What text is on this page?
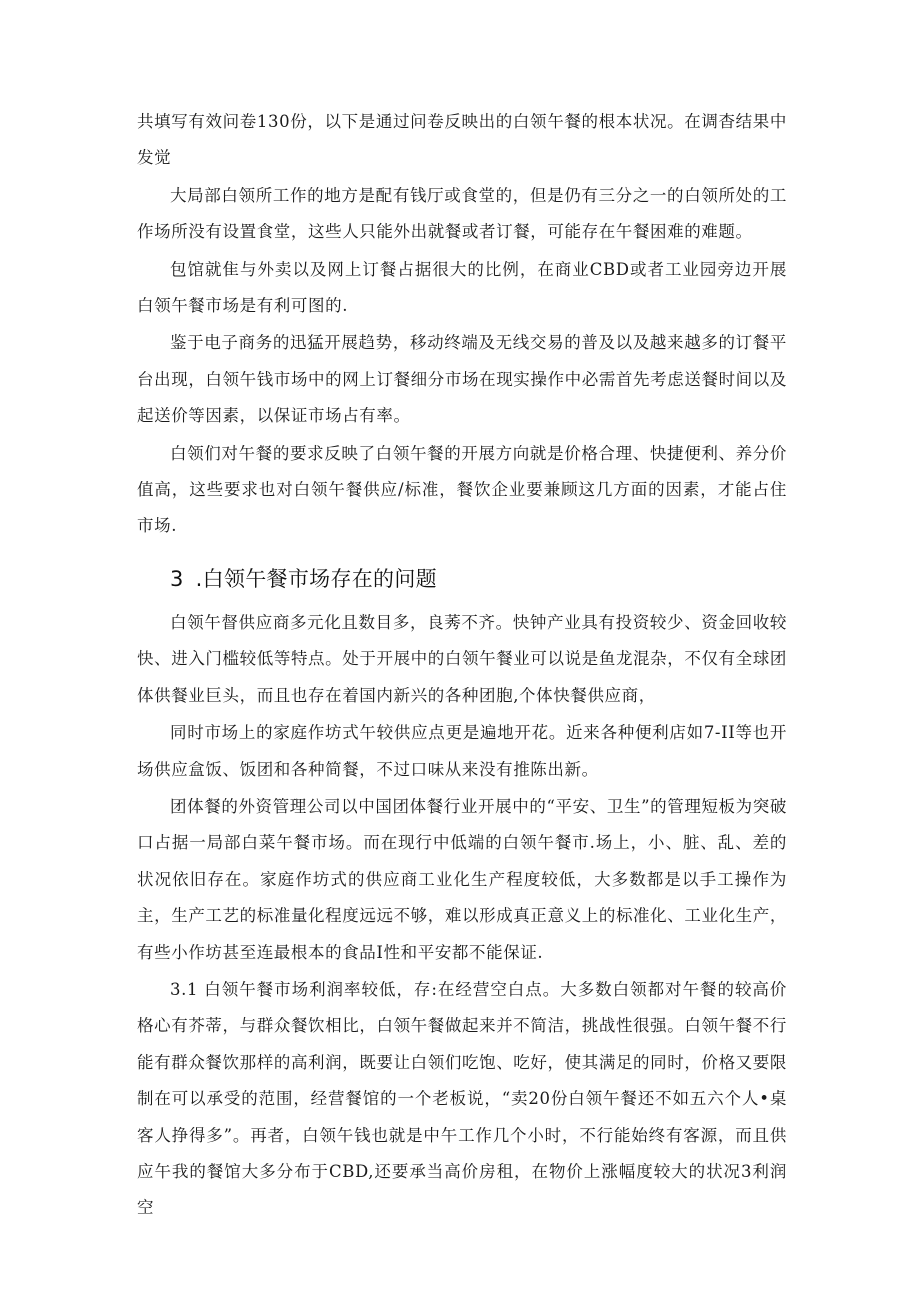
共填写有效问卷130份，以下是通过问卷反映出的白领午餐的根本状况。在调杳结果中发觉

大局部白领所工作的地方是配有钱厅或食堂的，但是仍有三分之一的白领所处的工作场所没有设置食堂，这些人只能外出就餐或者订餐，可能存在午餐困难的难题。

包馆就隹与外卖以及网上订餐占据很大的比例，在商业CBD或者工业园旁边开展白领午餐市场是有利可图的.

鉴于电子商务的迅猛开展趋势，移动终端及无线交易的普及以及越来越多的订餐平台出现，白领午钱市场中的网上订餐细分市场在现实操作中必需首先考虑送餐时间以及起送价等因素，以保证市场占有率。

白领们对午餐的要求反映了白领午餐的开展方向就是价格合理、快捷便利、养分价值高，这些要求也对白领午餐供应/标准，餐饮企业要兼顾这几方面的因素，才能占住市场.

3 .白领午餐市场存在的问题

白领午督供应商多元化且数目多，良莠不齐。快钟产业具有投资较少、资金回收较快、进入门槛较低等特点。处于开展中的白领午餐业可以说是鱼龙混杂，不仅有全球团体供餐业巨头，而且也存在着国内新兴的各种团胞,个体快餐供应商，

同时市场上的家庭作坊式午较供应点更是遍地开花。近来各种便利店如7-II等也开场供应盒饭、饭团和各种简餐，不过口味从来没有推陈出新。

团体餐的外资管理公司以中国团体餐行业开展中的“平安、卫生”的管理短板为突破口占据一局部白菜午餐市场。而在现行中低端的白领午餐市.场上，小、脏、乱、差的状况依旧存在。家庭作坊式的供应商工业化生产程度较低，大多数都是以手工操作为主，生产工艺的标准量化程度远远不够，难以形成真正意义上的标准化、工业化生产，有些小作坊甚至连最根本的食品I性和平安都不能保证.

3.1 白领午餐市场利润率较低，存:在经营空白点。大多数白领都对午餐的较高价格心有芥蒂，与群众餐饮相比，白领午餐做起来并不简洁，挑战性很强。白领午餐不行能有群众餐饮那样的高利润，既要让白领们吃饱、吃好，使其满足的同时，价格又要限制在可以承受的范围，经营餐馆的一个老板说，“卖20份白领午餐还不如五六个人•桌客人挣得多”。再者，白领午钱也就是中午工作几个小时，不行能始终有客源，而且供应午我的餐馆大多分布于CBD,还要承当高价房租，在物价上涨幅度较大的状况3利润空
